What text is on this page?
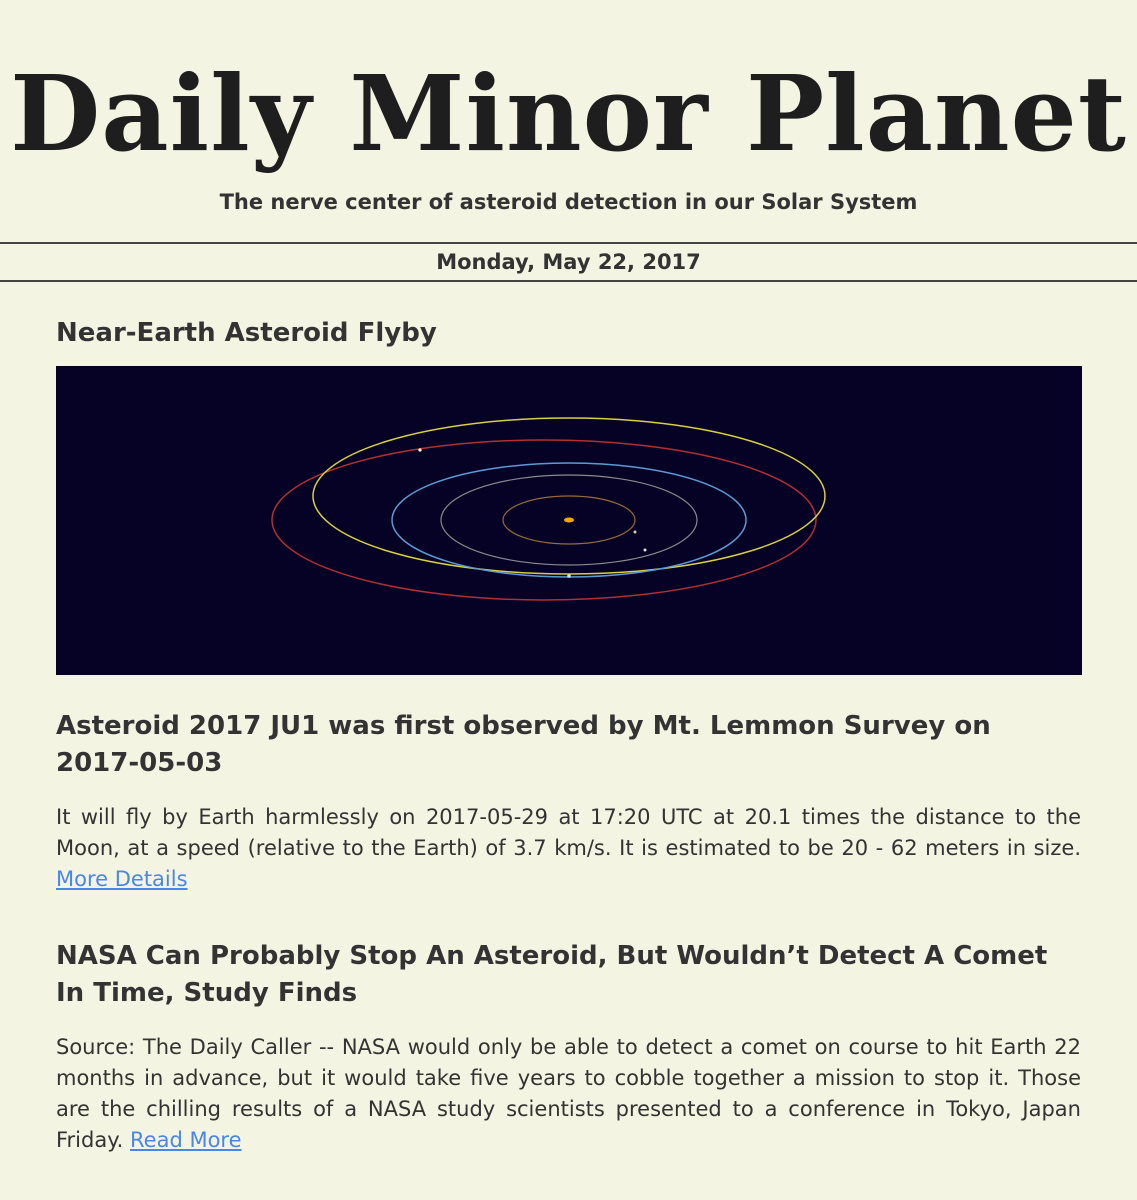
Daily Minor Planet
The nerve center of asteroid detection in our Solar System
Monday, May 22, 2017
Near-Earth Asteroid Flyby
Asteroid 2017 JU1 was first observed by Mt. Lemmon Survey on 2017-05-03

It will fly by Earth harmlessly on 2017-05-29 at 17:20 UTC at 20.1 times the distance to the Moon, at a speed (relative to the Earth) of 3.7 km/s. It is estimated to be 20 - 62 meters in size. More Details

NASA Can Probably Stop An Asteroid, But Wouldn’t Detect A Comet In Time, Study Finds

Source: The Daily Caller -- NASA would only be able to detect a comet on course to hit Earth 22 months in advance, but it would take five years to cobble together a mission to stop it. Those are the chilling results of a NASA study scientists presented to a conference in Tokyo, Japan Friday. Read More
